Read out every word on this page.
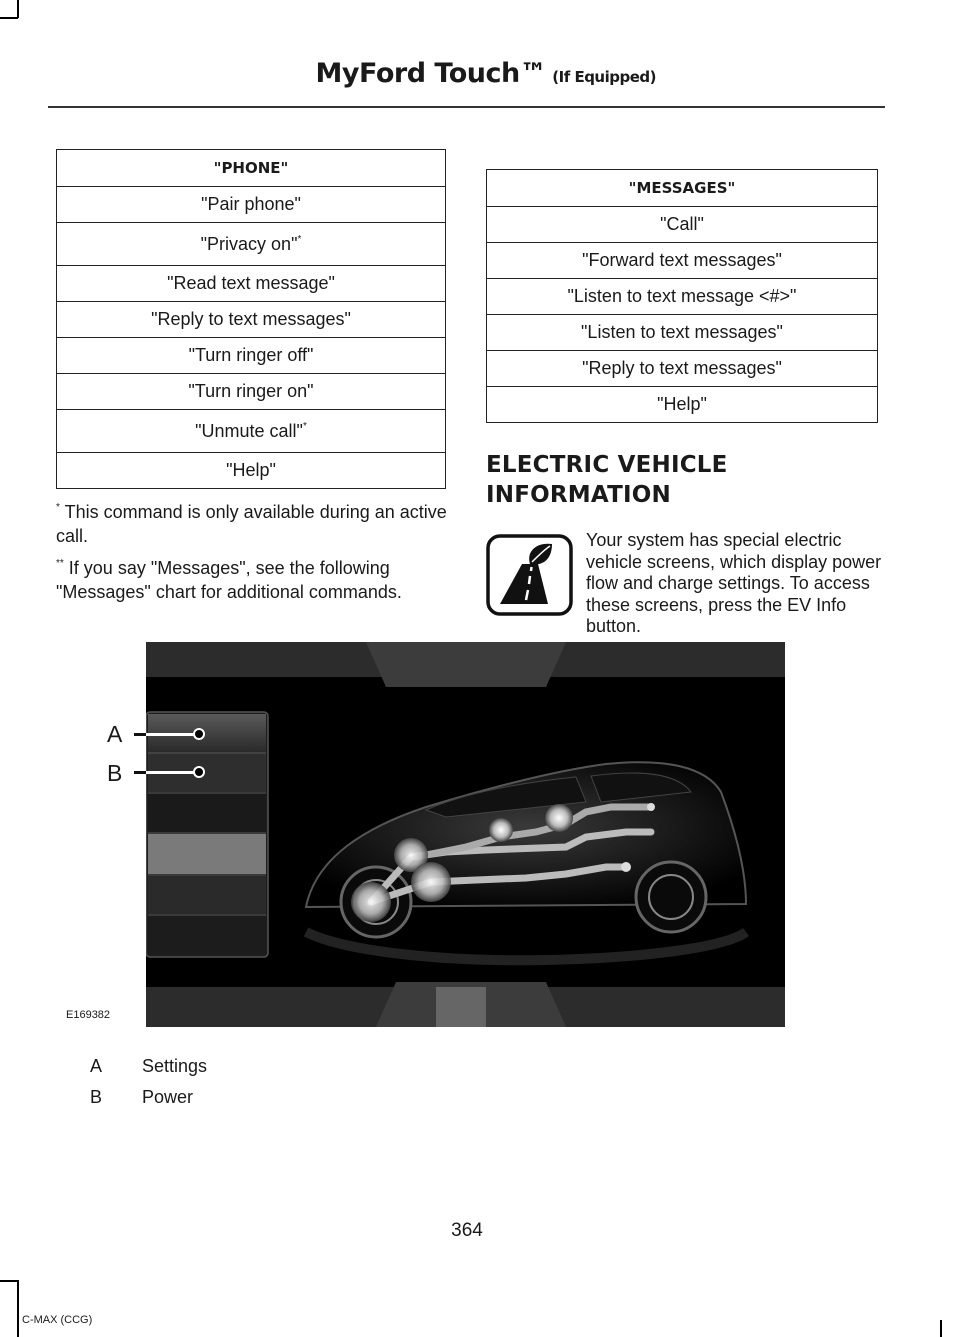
MyFord Touch™ (If Equipped)
"PHONE"
"Pair phone"
"Privacy on"*
"Read text message"
"Reply to text messages"
"Turn ringer off"
"Turn ringer on"
"Unmute call"*
"Help"
* This command is only available during an active call.
** If you say "Messages", see the following "Messages" chart for additional commands.
"MESSAGES"
"Call"
"Forward text messages"
"Listen to text message <#>"
"Listen to text messages"
"Reply to text messages"
"Help"
ELECTRIC VEHICLE
INFORMATION
Your system has special electric vehicle screens, which display power flow and charge settings. To access these screens, press the EV Info button.
A
B
E169382
A Settings
B Power
364
C-MAX (CCG)
